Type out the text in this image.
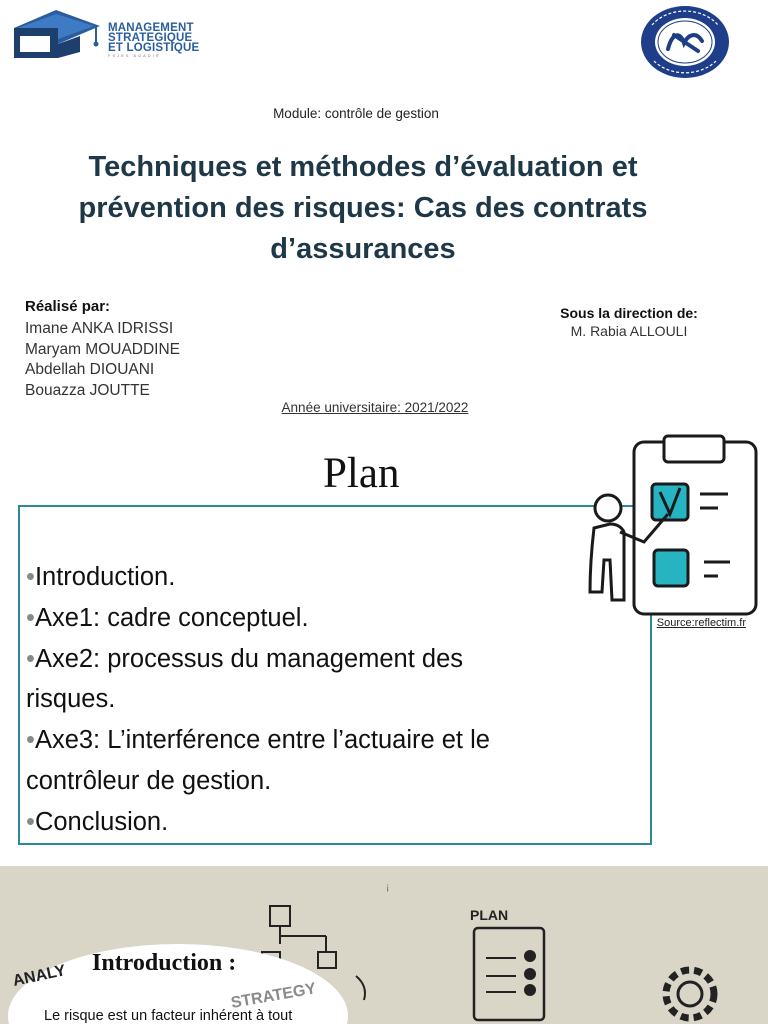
MANAGEMENT
STRATEGIQUE
ET LOGISTIQUE
FSJES AGADIR
Module: contrôle de gestion
Techniques et méthodes d’évaluation et
prévention des risques: Cas des contrats
d’assurances
Réalisé par:
Imane ANKA IDRISSI
Maryam MOUADDINE
Abdellah DIOUANI
Bouazza JOUTTE
Sous la direction de:
M. Rabia ALLOULI
Année universitaire: 2021/2022
Plan
•Introduction.
•Axe1: cadre conceptuel.
•Axe2: processus du management des
risques.
•Axe3: L’interférence entre l’actuaire et le
contrôleur de gestion.
•Conclusion.
Source:reflectim.fr
PLAN
ANALY
STRATEGY
¡
Introduction :
Le risque est un facteur inhérent à tout
